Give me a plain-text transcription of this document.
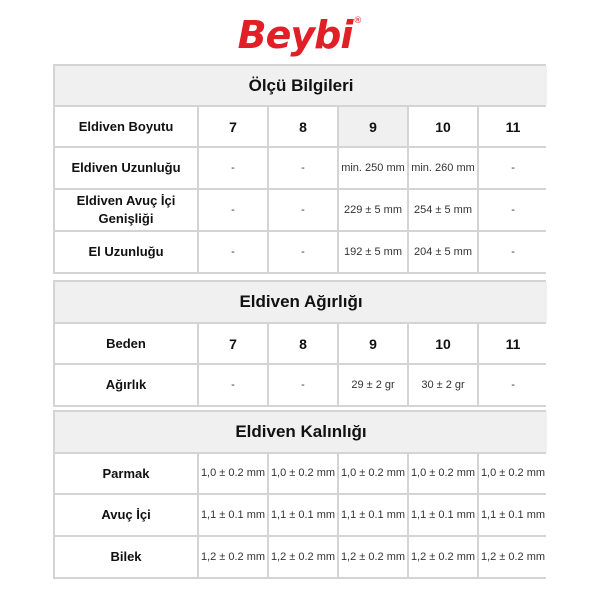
Beybi®
Ölçü Bilgileri					
Eldiven Boyutu	7	8	9	10	11
Eldiven Uzunluğu	-	-	min. 250 mm	min. 260 mm	-
Eldiven Avuç İçi Genişliği	-	-	229 ± 5 mm	254 ± 5 mm	-
El Uzunluğu	-	-	192 ± 5 mm	204 ± 5 mm	-
Eldiven Ağırlığı					
Beden	7	8	9	10	11
Ağırlık	-	-	29 ± 2 gr	30 ± 2 gr	-
Eldiven Kalınlığı					
Parmak	1,0 ± 0.2 mm	1,0 ± 0.2 mm	1,0 ± 0.2 mm	1,0 ± 0.2 mm	1,0 ± 0.2 mm
Avuç İçi	1,1 ± 0.1 mm	1,1 ± 0.1 mm	1,1 ± 0.1 mm	1,1 ± 0.1 mm	1,1 ± 0.1 mm
Bilek	1,2 ± 0.2 mm	1,2 ± 0.2 mm	1,2 ± 0.2 mm	1,2 ± 0.2 mm	1,2 ± 0.2 mm
